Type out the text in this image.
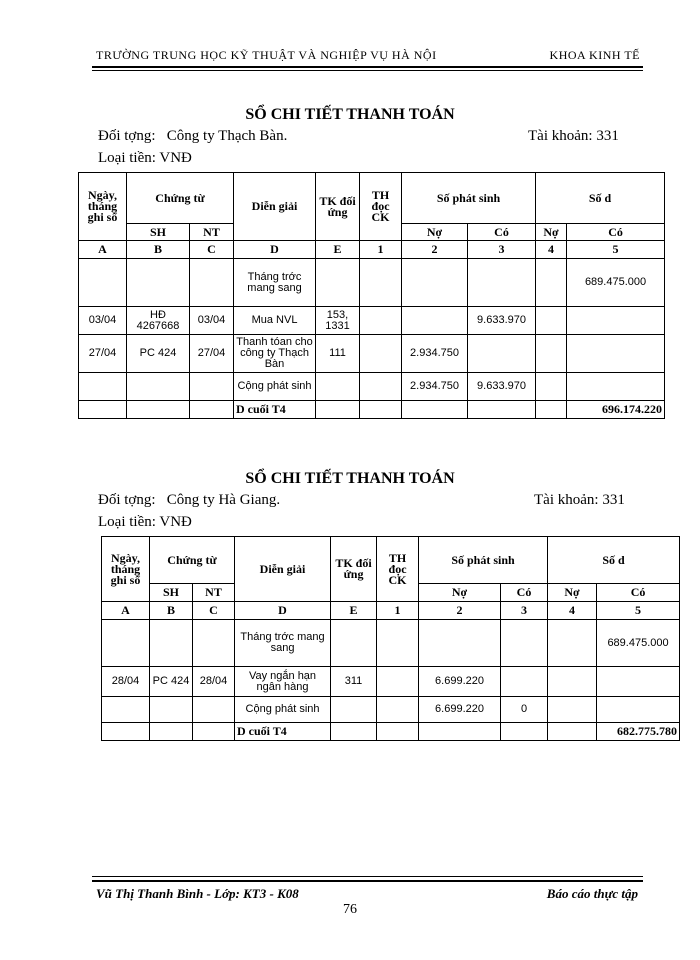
TRƯỜNG TRUNG HỌC KỸ THUẬT VÀ NGHIỆP VỤ HÀ NỘI	KHOA KINH TẾ
SỔ CHI TIẾT THANH TOÁN
Đối tợng: Công ty Thạch Bàn.	Tài khoản: 331
Loại tiền: VNĐ
Ngày, tháng ghi sổ	Chứng từ		Diễn giải	TK đối ứng	TH đọc CK	Số phát sinh		Số d	
	SH	NT				Nợ	Có	Nợ	Có
A	B	C	D	E	1	2	3	4	5
			Tháng trớc mang sang						689.475.000
03/04	HĐ 4267668	03/04	Mua NVL	153, 1331			9.633.970		
27/04	PC 424	27/04	Thanh tóan cho công ty Thạch Bàn	111		2.934.750			
			Cộng phát sinh			2.934.750	9.633.970		
			D cuối T4						696.174.220
SỔ CHI TIẾT THANH TOÁN
Đối tợng: Công ty Hà Giang.	Tài khoản: 331
Loại tiền: VNĐ
Ngày, tháng ghi sổ	Chứng từ		Diễn giải	TK đối ứng	TH đọc CK	Số phát sinh		Số d	
	SH	NT				Nợ	Có	Nợ	Có
A	B	C	D	E	1	2	3	4	5
			Tháng trớc mang sang						689.475.000
28/04	PC 424	28/04	Vay ngắn hạn ngân hàng	311		6.699.220			
			Cộng phát sinh			6.699.220	0		
			D cuối T4						682.775.780
Vũ Thị Thanh Bình - Lớp: KT3 - K08	Báo cáo thực tập
76
